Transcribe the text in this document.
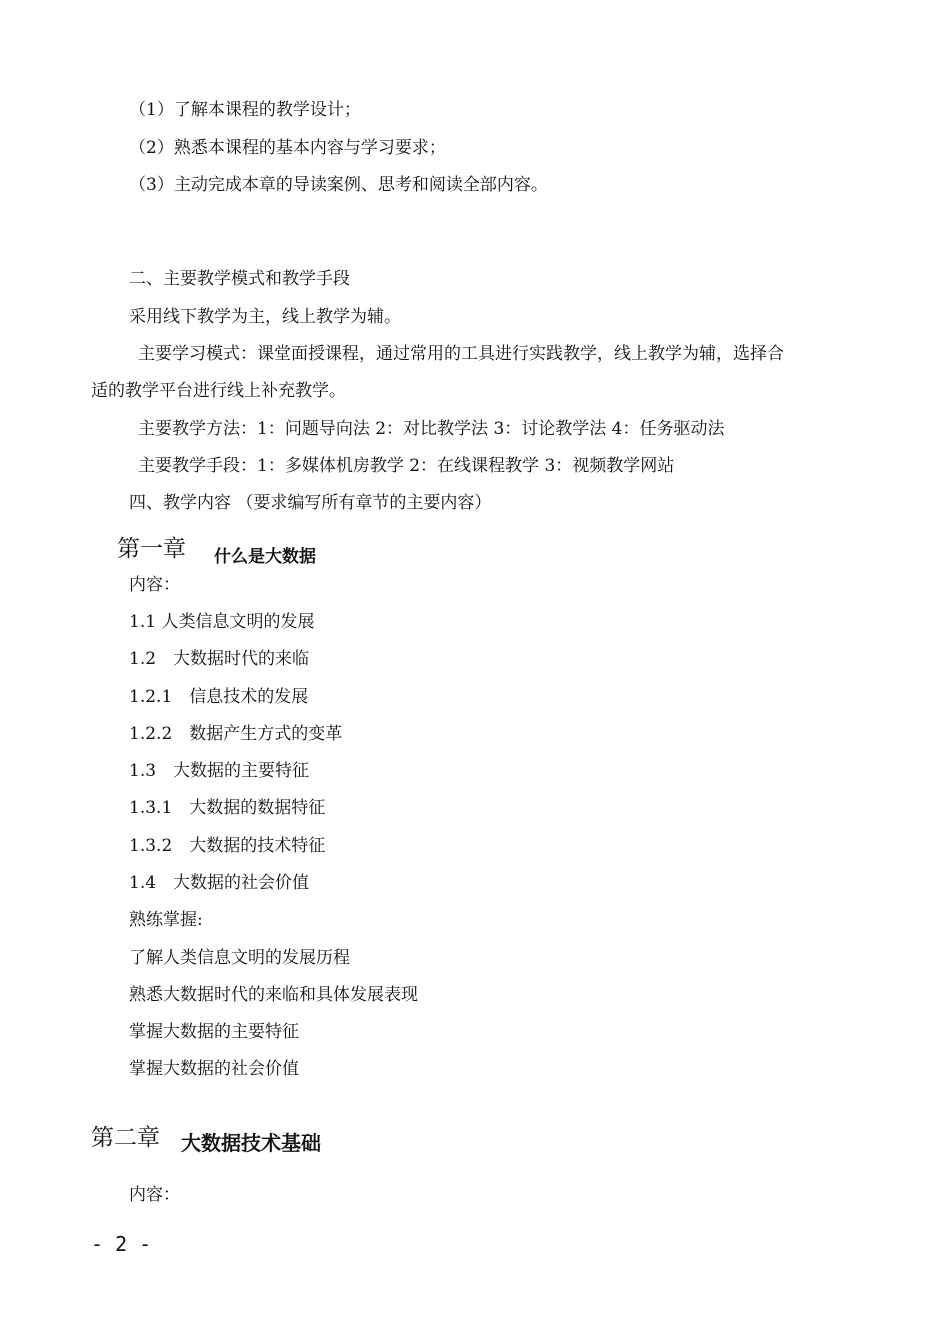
（1）了解本课程的教学设计；
（2）熟悉本课程的基本内容与学习要求；
（3）主动完成本章的导读案例、思考和阅读全部内容。
二、主要教学模式和教学手段
采用线下教学为主，线上教学为辅。
主要学习模式：课堂面授课程，通过常用的工具进行实践教学，线上教学为辅，选择合
适的教学平台进行线上补充教学。
主要教学方法：1：问题导向法 2：对比教学法 3：讨论教学法 4：任务驱动法
主要教学手段：1：多媒体机房教学 2：在线课程教学 3：视频教学网站
四、教学内容 （要求编写所有章节的主要内容）
第一章 什么是大数据
内容：
1.1 人类信息文明的发展
1.2　大数据时代的来临
1.2.1　信息技术的发展
1.2.2　数据产生方式的变革
1.3　大数据的主要特征
1.3.1　大数据的数据特征
1.3.2　大数据的技术特征
1.4　大数据的社会价值
熟练掌握:
了解人类信息文明的发展历程
熟悉大数据时代的来临和具体发展表现
掌握大数据的主要特征
掌握大数据的社会价值
第二章 大数据技术基础
内容：
- 2 -
